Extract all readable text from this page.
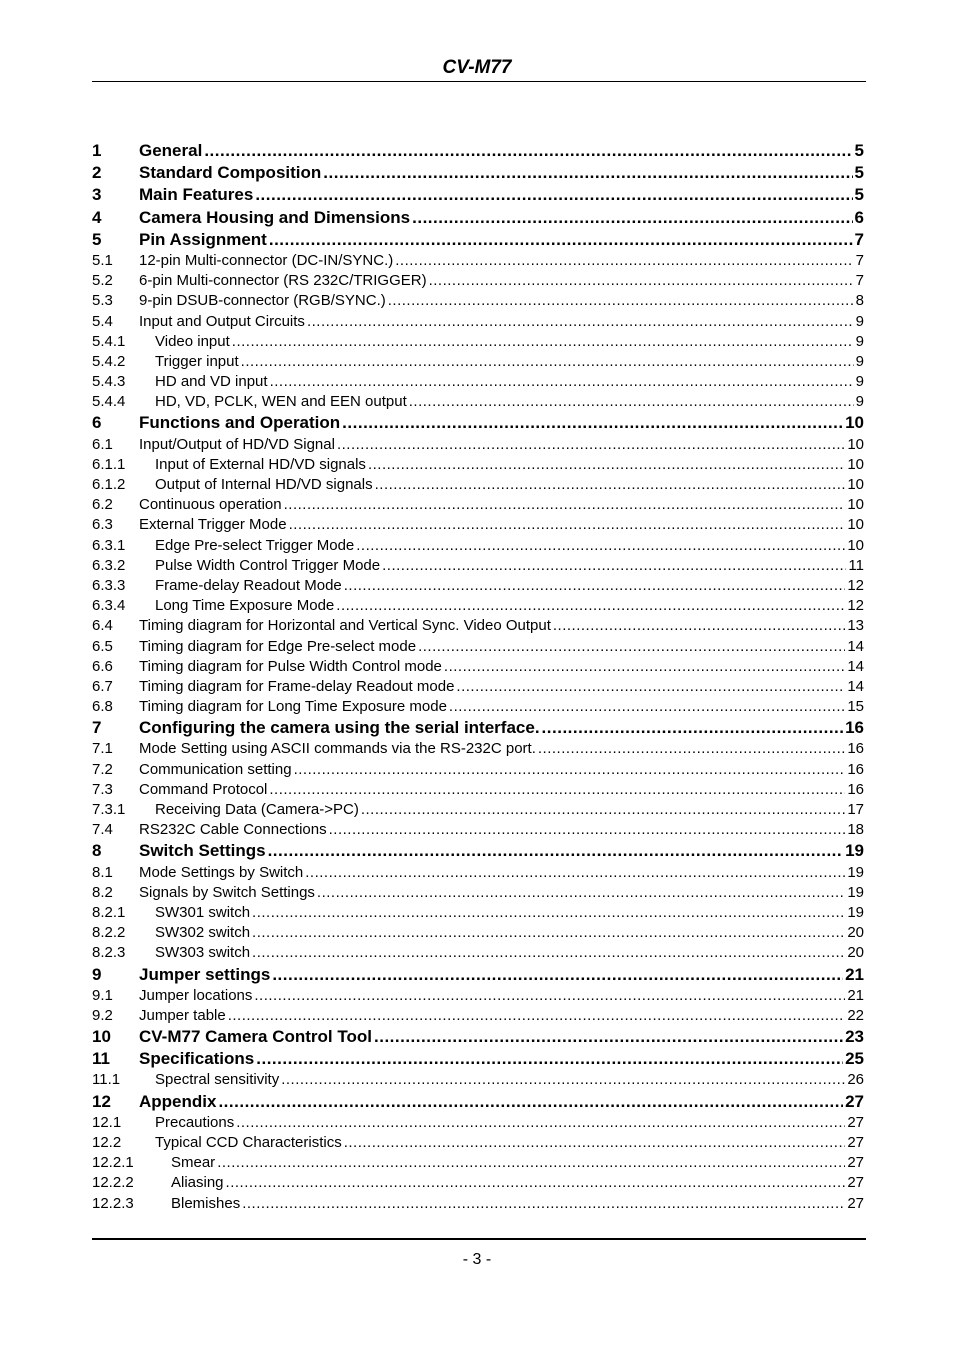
CV-M77
1	General .....	5
2	Standard Composition .....	5
3	Main Features .....	5
4	Camera Housing and Dimensions .....	6
5	Pin Assignment .....	7
5.1	12-pin Multi-connector (DC-IN/SYNC.) .....	7
5.2	6-pin Multi-connector (RS 232C/TRIGGER) .....	7
5.3	9-pin DSUB-connector (RGB/SYNC.) .....	8
5.4	Input and Output Circuits .....	9
5.4.1	Video input .....	9
5.4.2	Trigger input .....	9
5.4.3	HD and VD input .....	9
5.4.4	HD, VD, PCLK, WEN and EEN output .....	9
6	Functions and Operation .....	10
6.1	Input/Output of HD/VD Signal .....	10
6.1.1	Input of External HD/VD signals .....	10
6.1.2	Output of Internal HD/VD signals .....	10
6.2	Continuous operation .....	10
6.3	External Trigger Mode .....	10
6.3.1	Edge Pre-select Trigger Mode .....	10
6.3.2	Pulse Width Control Trigger Mode .....	11
6.3.3	Frame-delay Readout Mode .....	12
6.3.4	Long Time Exposure Mode .....	12
6.4	Timing diagram for Horizontal and Vertical Sync. Video Output .....	13
6.5	Timing diagram for Edge Pre-select mode .....	14
6.6	Timing diagram for Pulse Width Control mode .....	14
6.7	Timing diagram for Frame-delay Readout mode .....	14
6.8	Timing diagram for Long Time Exposure mode .....	15
7	Configuring the camera using the serial interface. .....	16
7.1	Mode Setting using ASCII commands via the RS-232C port. .....	16
7.2	Communication setting .....	16
7.3	Command Protocol .....	16
7.3.1	Receiving Data (Camera->PC) .....	17
7.4	RS232C Cable Connections .....	18
8	Switch Settings .....	19
8.1	Mode Settings by Switch .....	19
8.2	Signals by Switch Settings .....	19
8.2.1	SW301 switch .....	19
8.2.2	SW302 switch .....	20
8.2.3	SW303 switch .....	20
9	Jumper settings .....	21
9.1	Jumper locations .....	21
9.2	Jumper table .....	22
10	CV-M77 Camera Control Tool .....	23
11	Specifications .....	25
11.1	Spectral sensitivity .....	26
12	Appendix .....	27
12.1	Precautions .....	27
12.2	Typical CCD Characteristics .....	27
12.2.1	Smear .....	27
12.2.2	Aliasing .....	27
12.2.3	Blemishes .....	27
- 3 -
